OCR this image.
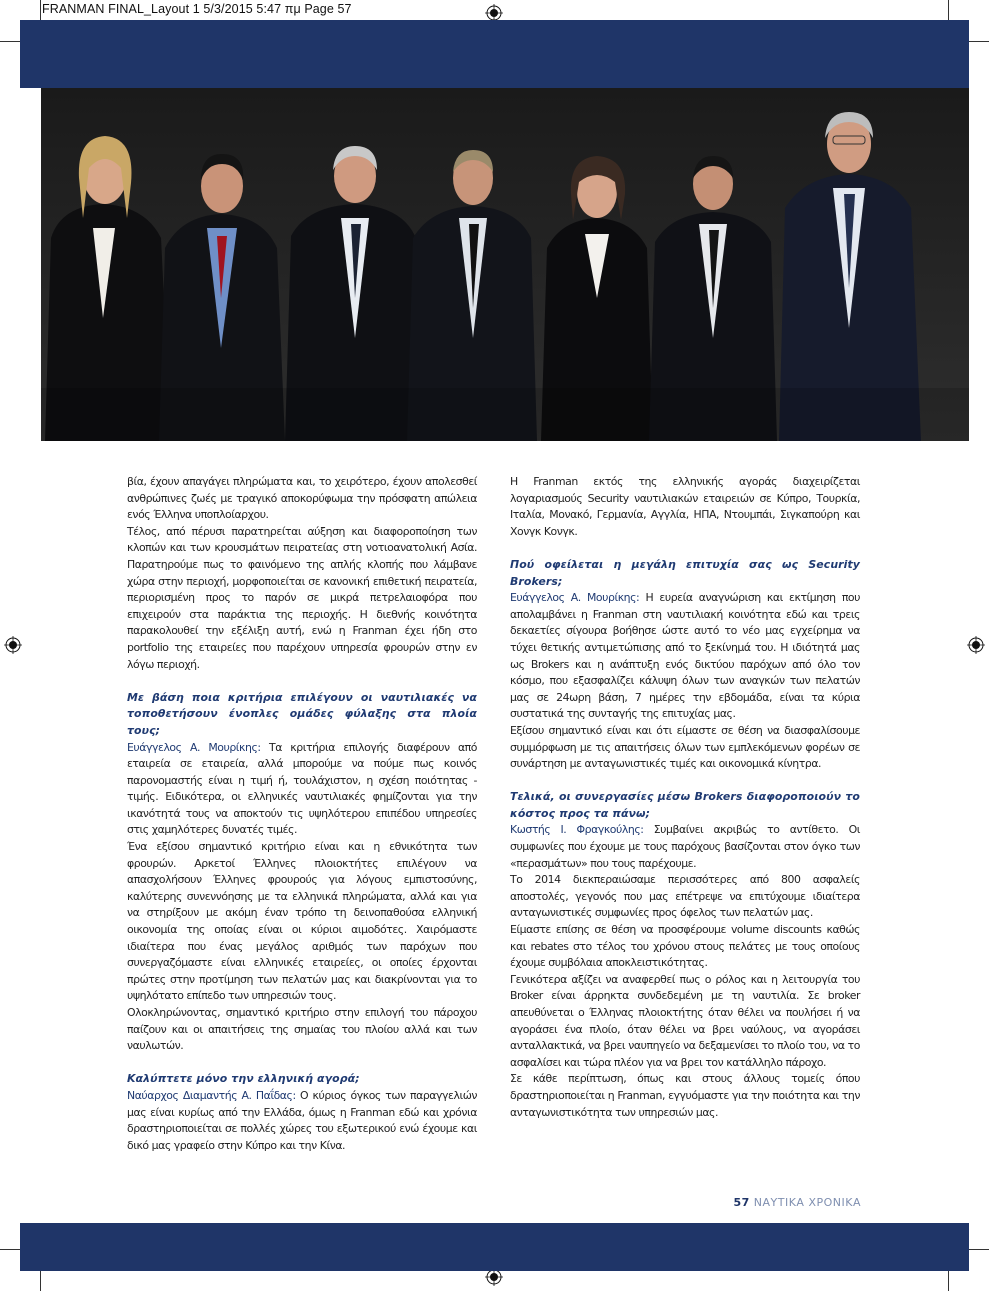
FRANMAN FINAL_Layout 1 5/3/2015 5:47 πμ Page 57

βία, έχουν απαγάγει πληρώματα και, το χειρότερο, έχουν απολεσθεί ανθρώπινες ζωές με τραγικό αποκορύφωμα την πρόσφατη απώλεια ενός Έλληνα υποπλοίαρχου.

Τέλος, από πέρυσι παρατηρείται αύξηση και διαφοροποίηση των κλοπών και των κρουσμάτων πειρατείας στη νοτιοανατολική Ασία. Παρατηρούμε πως το φαινόμενο της απλής κλοπής που λάμβανε χώρα στην περιοχή, μορφοποιείται σε κανονική επιθετική πειρατεία, περιορισμένη προς το παρόν σε μικρά πετρελαιοφόρα που επιχειρούν στα παράκτια της περιοχής. Η διεθνής κοινότητα παρακολουθεί την εξέλιξη αυτή, ενώ η Franman έχει ήδη στο portfolio της εταιρείες που παρέχουν υπηρεσία φρουρών στην εν λόγω περιοχή.

Με βάση ποια κριτήρια επιλέγουν οι ναυτιλιακές να τοποθετήσουν ένοπλες ομάδες φύλαξης στα πλοία τους;

Ευάγγελος Α. Μουρίκης: Τα κριτήρια επιλογής διαφέρουν από εταιρεία σε εταιρεία, αλλά μπορούμε να πούμε πως κοινός παρονομαστής είναι η τιμή ή, τουλάχιστον, η σχέση ποιότητας - τιμής. Ειδικότερα, οι ελληνικές ναυτιλιακές φημίζονται για την ικανότητά τους να αποκτούν τις υψηλότερου επιπέδου υπηρεσίες στις χαμηλότερες δυνατές τιμές.

Ένα εξίσου σημαντικό κριτήριο είναι και η εθνικότητα των φρουρών. Αρκετοί Έλληνες πλοιοκτήτες επιλέγουν να απασχολήσουν Έλληνες φρουρούς για λόγους εμπιστοσύνης, καλύτερης συνεννόησης με τα ελληνικά πληρώματα, αλλά και για να στηρίξουν με ακόμη έναν τρόπο τη δεινοπαθούσα ελληνική οικονομία της οποίας είναι οι κύριοι αιμοδότες. Χαιρόμαστε ιδιαίτερα που ένας μεγάλος αριθμός των παρόχων που συνεργαζόμαστε είναι ελληνικές εταιρείες, οι οποίες έρχονται πρώτες στην προτίμηση των πελατών μας και διακρίνονται για το υψηλότατο επίπεδο των υπηρεσιών τους.

Ολοκληρώνοντας, σημαντικό κριτήριο στην επιλογή του πάροχου παίζουν και οι απαιτήσεις της σημαίας του πλοίου αλλά και των ναυλωτών.

Καλύπτετε μόνο την ελληνική αγορά;

Ναύαρχος Διαμαντής Α. Παΐδας: Ο κύριος όγκος των παραγγελιών μας είναι κυρίως από την Ελλάδα, όμως η Franman εδώ και χρόνια δραστηριοποιείται σε πολλές χώρες του εξωτερικού ενώ έχουμε και δικό μας γραφείο στην Κύπρο και την Κίνα.

Η Franman εκτός της ελληνικής αγοράς διαχειρίζεται λογαριασμούς Security ναυτιλιακών εταιρειών σε Κύπρο, Τουρκία, Ιταλία, Μονακό, Γερμανία, Αγγλία, ΗΠΑ, Ντουμπάι, Σιγκαπούρη και Χονγκ Κονγκ.

Πού οφείλεται η μεγάλη επιτυχία σας ως Security Brokers;

Ευάγγελος Α. Μουρίκης: Η ευρεία αναγνώριση και εκτίμηση που απολαμβάνει η Franman στη ναυτιλιακή κοινότητα εδώ και τρεις δεκαετίες σίγουρα βοήθησε ώστε αυτό το νέο μας εγχείρημα να τύχει θετικής αντιμετώπισης από το ξεκίνημά του. Η ιδιότητά μας ως Brokers και η ανάπτυξη ενός δικτύου παρόχων από όλο τον κόσμο, που εξασφαλίζει κάλυψη όλων των αναγκών των πελατών μας σε 24ωρη βάση, 7 ημέρες την εβδομάδα, είναι τα κύρια συστατικά της συνταγής της επιτυχίας μας.

Εξίσου σημαντικό είναι και ότι είμαστε σε θέση να διασφαλίσουμε συμμόρφωση με τις απαιτήσεις όλων των εμπλεκόμενων φορέων σε συνάρτηση με ανταγωνιστικές τιμές και οικονομικά κίνητρα.

Τελικά, οι συνεργασίες μέσω Brokers διαφοροποιούν το κόστος προς τα πάνω;

Κωστής Ι. Φραγκούλης: Συμβαίνει ακριβώς το αντίθετο. Οι συμφωνίες που έχουμε με τους παρόχους βασίζονται στον όγκο των «περασμάτων» που τους παρέχουμε.

Το 2014 διεκπεραιώσαμε περισσότερες από 800 ασφαλείς αποστολές, γεγονός που μας επέτρεψε να επιτύχουμε ιδιαίτερα ανταγωνιστικές συμφωνίες προς όφελος των πελατών μας.

Είμαστε επίσης σε θέση να προσφέρουμε volume discounts καθώς και rebates στο τέλος του χρόνου στους πελάτες με τους οποίους έχουμε συμβόλαια αποκλειστικότητας.

Γενικότερα αξίζει να αναφερθεί πως ο ρόλος και η λειτουργία του Broker είναι άρρηκτα συνδεδεμένη με τη ναυτιλία. Σε broker απευθύνεται ο Έλληνας πλοιοκτήτης όταν θέλει να πουλήσει ή να αγοράσει ένα πλοίο, όταν θέλει να βρει ναύλους, να αγοράσει ανταλλακτικά, να βρει ναυπηγείο να δεξαμενίσει το πλοίο του, να το ασφαλίσει και τώρα πλέον για να βρει τον κατάλληλο πάροχο.

Σε κάθε περίπτωση, όπως και στους άλλους τομείς όπου δραστηριοποιείται η Franman, εγγυόμαστε για την ποιότητα και την ανταγωνιστικότητα των υπηρεσιών μας.

57 ΝΑΥΤΙΚΑ ΧΡΟΝΙΚΑ
